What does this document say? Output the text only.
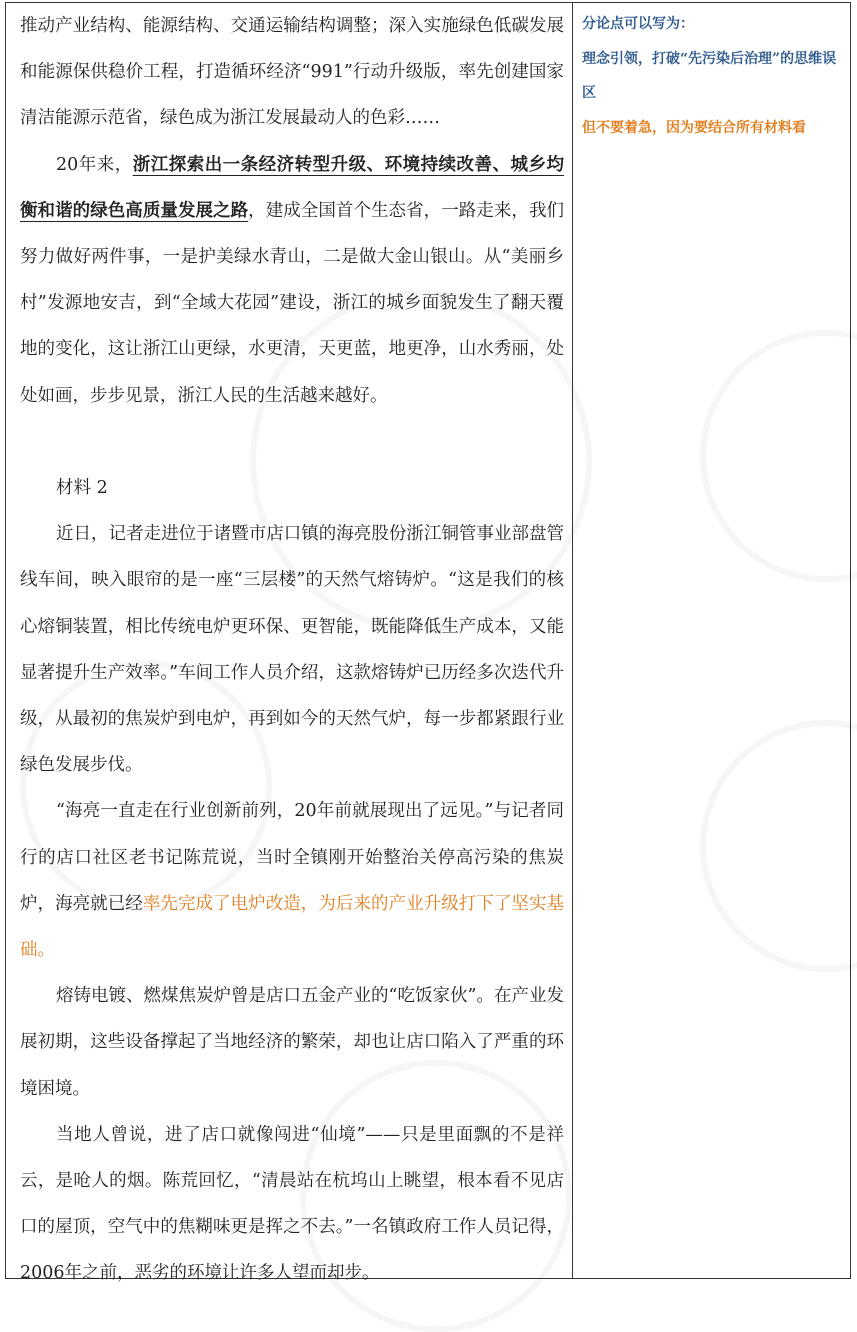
推动产业结构、能源结构、交通运输结构调整；深入实施绿色低碳发展和能源保供稳价工程，打造循环经济“991”行动升级版，率先创建国家清洁能源示范省，绿色成为浙江发展最动人的色彩……

20年来，浙江探索出一条经济转型升级、环境持续改善、城乡均衡和谐的绿色高质量发展之路，建成全国首个生态省，一路走来，我们努力做好两件事，一是护美绿水青山，二是做大金山银山。从“美丽乡村”发源地安吉，到“全域大花园”建设，浙江的城乡面貌发生了翻天覆地的变化，这让浙江山更绿，水更清，天更蓝，地更净，山水秀丽，处处如画，步步见景，浙江人民的生活越来越好。

材料 2

近日，记者走进位于诸暨市店口镇的海亮股份浙江铜管事业部盘管线车间，映入眼帘的是一座“三层楼”的天然气熔铸炉。“这是我们的核心熔铜装置，相比传统电炉更环保、更智能，既能降低生产成本，又能显著提升生产效率。”车间工作人员介绍，这款熔铸炉已历经多次迭代升级，从最初的焦炭炉到电炉，再到如今的天然气炉，每一步都紧跟行业绿色发展步伐。

“海亮一直走在行业创新前列，20年前就展现出了远见。”与记者同行的店口社区老书记陈荒说，当时全镇刚开始整治关停高污染的焦炭炉，海亮就已经率先完成了电炉改造，为后来的产业升级打下了坚实基础。

熔铸电镀、燃煤焦炭炉曾是店口五金产业的“吃饭家伙”。在产业发展初期，这些设备撑起了当地经济的繁荣，却也让店口陷入了严重的环境困境。

当地人曾说，进了店口就像闯进“仙境”——只是里面飘的不是祥云，是呛人的烟。陈荒回忆，“清晨站在杭坞山上眺望，根本看不见店口的屋顶，空气中的焦糊味更是挥之不去。”一名镇政府工作人员记得，2006年之前，恶劣的环境让许多人望而却步。

分论点可以写为：

理念引领，打破“先污染后治理”的思维误区

但不要着急，因为要结合所有材料看
